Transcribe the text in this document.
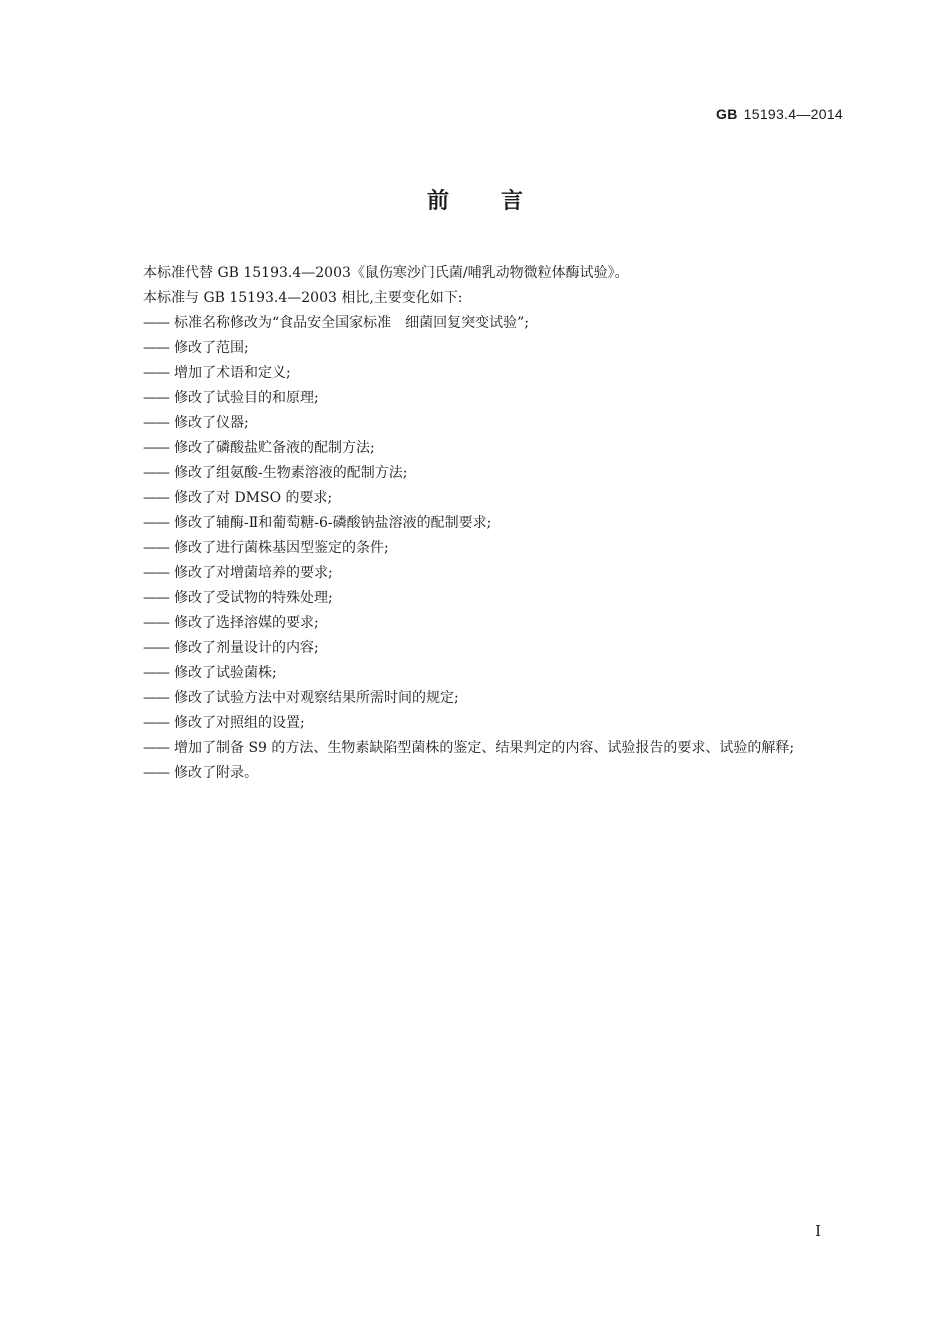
GB 15193.4—2014
前 言

本标准代替 GB 15193.4—2003《鼠伤寒沙门氏菌/哺乳动物微粒体酶试验》。

本标准与 GB 15193.4—2003 相比,主要变化如下:

—— 标准名称修改为“食品安全国家标准　细菌回复突变试验”;

—— 修改了范围;

—— 增加了术语和定义;

—— 修改了试验目的和原理;

—— 修改了仪器;

—— 修改了磷酸盐贮备液的配制方法;

—— 修改了组氨酸-生物素溶液的配制方法;

—— 修改了对 DMSO 的要求;

—— 修改了辅酶-Ⅱ和葡萄糖-6-磷酸钠盐溶液的配制要求;

—— 修改了进行菌株基因型鉴定的条件;

—— 修改了对增菌培养的要求;

—— 修改了受试物的特殊处理;

—— 修改了选择溶媒的要求;

—— 修改了剂量设计的内容;

—— 修改了试验菌株;

—— 修改了试验方法中对观察结果所需时间的规定;

—— 修改了对照组的设置;

—— 增加了制备 S9 的方法、生物素缺陷型菌株的鉴定、结果判定的内容、试验报告的要求、试验的解释;

—— 修改了附录。

Ⅰ
